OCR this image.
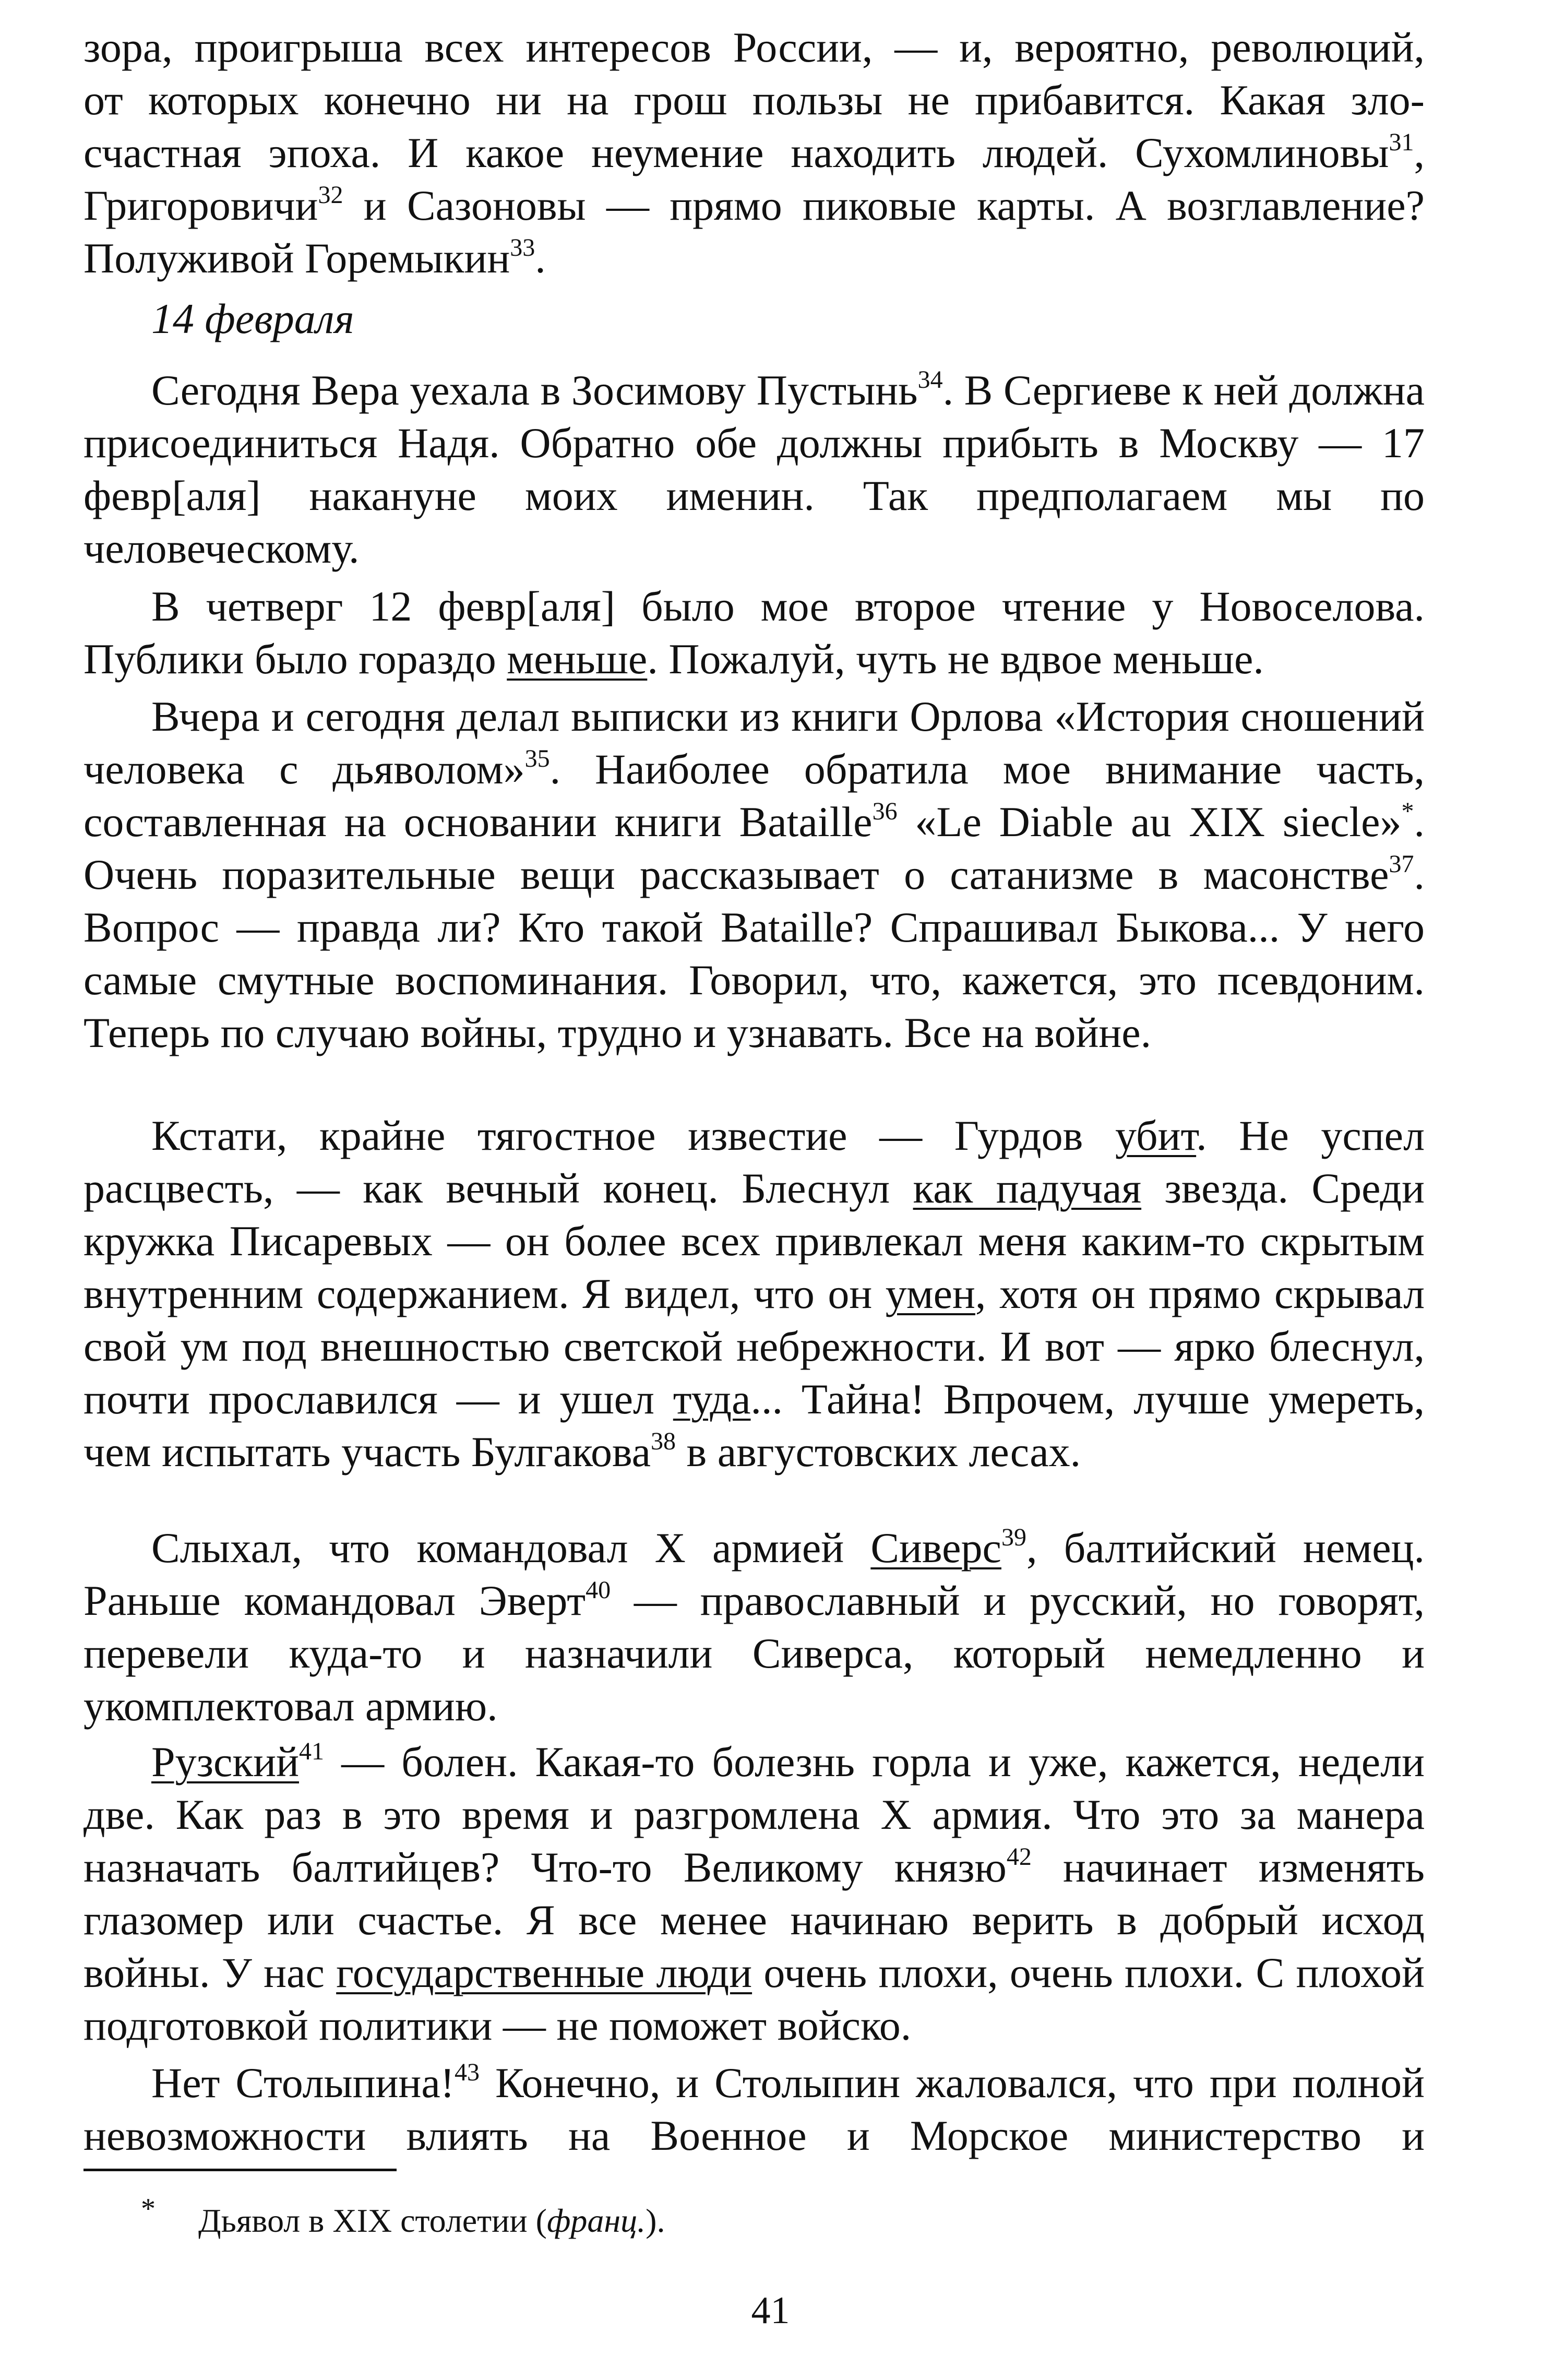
зора, проигрыша всех интересов России, — и, вероятно, революций,
от которых конечно ни на грош пользы не прибавится. Какая зло-
счастная эпоха. И какое неумение находить людей. Сухомлиновы$^{31}$,
Григоровичи$^{32}$ и Сазоновы — прямо пиковые карты. А возглавление?
Полуживой Горемыкин$^{33}$.
14 февраля
Сегодня Вера уехала в Зосимову Пустынь$^{34}$. В Сергиеве к ней должна присоединиться Надя. Обратно обе должны прибыть в Москву — 17 февр[аля] накануне моих именин. Так предполагаем мы по человеческому.
В четверг 12 февр[аля] было мое второе чтение у Новоселова. Публики было гораздо меньше. Пожалуй, чуть не вдвое меньше.
Вчера и сегодня делал выписки из книги Орлова «История сношений человека с дьяволом»$^{35}$. Наиболее обратила мое внимание часть, составленная на основании книги Bataille$^{36}$ «Le Diable au XIX siecle»*. Очень поразительные вещи рассказывает о сатанизме в масонстве$^{37}$. Вопрос — правда ли? Кто такой Bataille? Спрашивал Быкова... У него самые смутные воспоминания. Говорил, что, кажется, это псевдоним. Теперь по случаю войны, трудно и узнавать. Все на войне.
Кстати, крайне тягостное известие — Гурдов убит. Не успел расцвесть, — как вечный конец. Блеснул как падучая звезда. Среди кружка Писаревых — он более всех привлекал меня каким-то скрытым внутренним содержанием. Я видел, что он умен, хотя он прямо скрывал свой ум под внешностью светской небрежности. И вот — ярко блеснул, почти прославился — и ушел туда... Тайна! Впрочем, лучше умереть, чем испытать участь Булгакова$^{38}$ в августовских лесах.
Слыхал, что командовал X армией Сиверс$^{39}$, балтийский немец. Раньше командовал Эверт$^{40}$ — православный и русский, но говорят, перевели куда-то и назначили Сиверса, который немедленно и укомплектовал армию.
Рузский$^{41}$ — болен. Какая-то болезнь горла и уже, кажется, недели две. Как раз в это время и разгромлена X армия. Что это за манера назначать балтийцев? Что-то Великому князю$^{42}$ начинает изменять глазомер или счастье. Я все менее начинаю верить в добрый исход войны. У нас государственные люди очень плохи, очень плохи. С плохой подготовкой политики — не поможет войско.
Нет Столыпина!$^{43}$ Конечно, и Столыпин жаловался, что при полной невозможности влиять на Военное и Морское министерство и
* Дьявол в XIX столетии (франц.).
41
